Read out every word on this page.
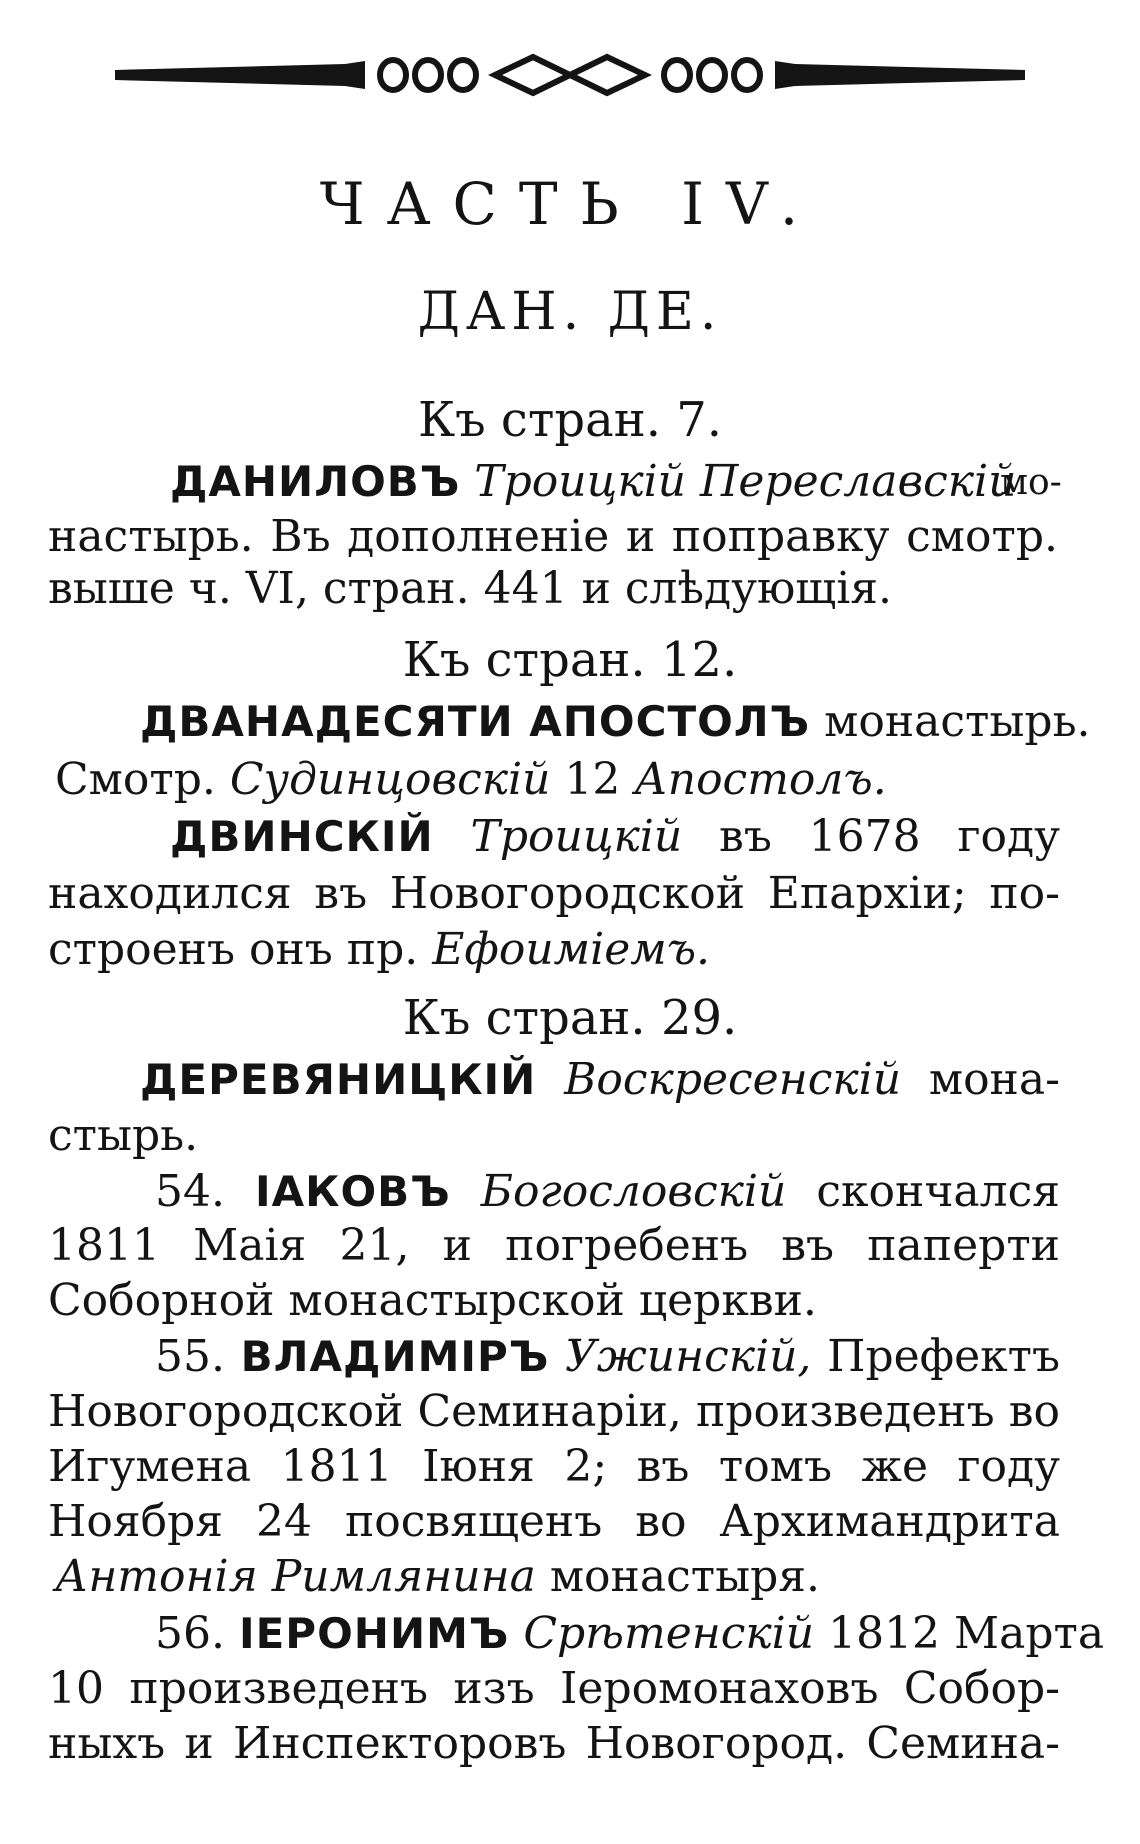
ЧАСТЬ IV.
ДАН. ДЕ.
Къ стран. 7.
ДАНИЛОВЪ Троицкій Переславскій
мо-
настырь. Въ дополненіе и поправку смотр.
выше ч. VI, стран. 441 и слѣдующія.
Къ стран. 12.
ДВАНАДЕСЯТИ АПОСТОЛЪ монастырь.
Смотр. Судинцовскій 12 Апостолъ.
ДВИНСКІЙ Троицкій въ 1678 году
находился въ Новогородской Епархіи; по-
строенъ онъ пр. Ефоиміемъ.
Къ стран. 29.
ДЕРЕВЯНИЦКІЙ Воскресенскій мона-
стырь.
54. ІАКОВЪ Богословскій скончался
1811 Маія 21, и погребенъ въ паперти
Соборной монастырской церкви.
55. ВЛАДИМІРЪ Ужинскій, Префектъ
Новогородской Семинаріи, произведенъ во
Игумена 1811 Іюня 2; въ томъ же году
Ноября 24 посвященъ во Архимандрита
Антонія Римлянина монастыря.
56. ІЕРОНИМЪ Срѣтенскій 1812 Марта
10 произведенъ изъ Іеромонаховъ Собор-
ныхъ и Инспекторовъ Новогород. Семина-
